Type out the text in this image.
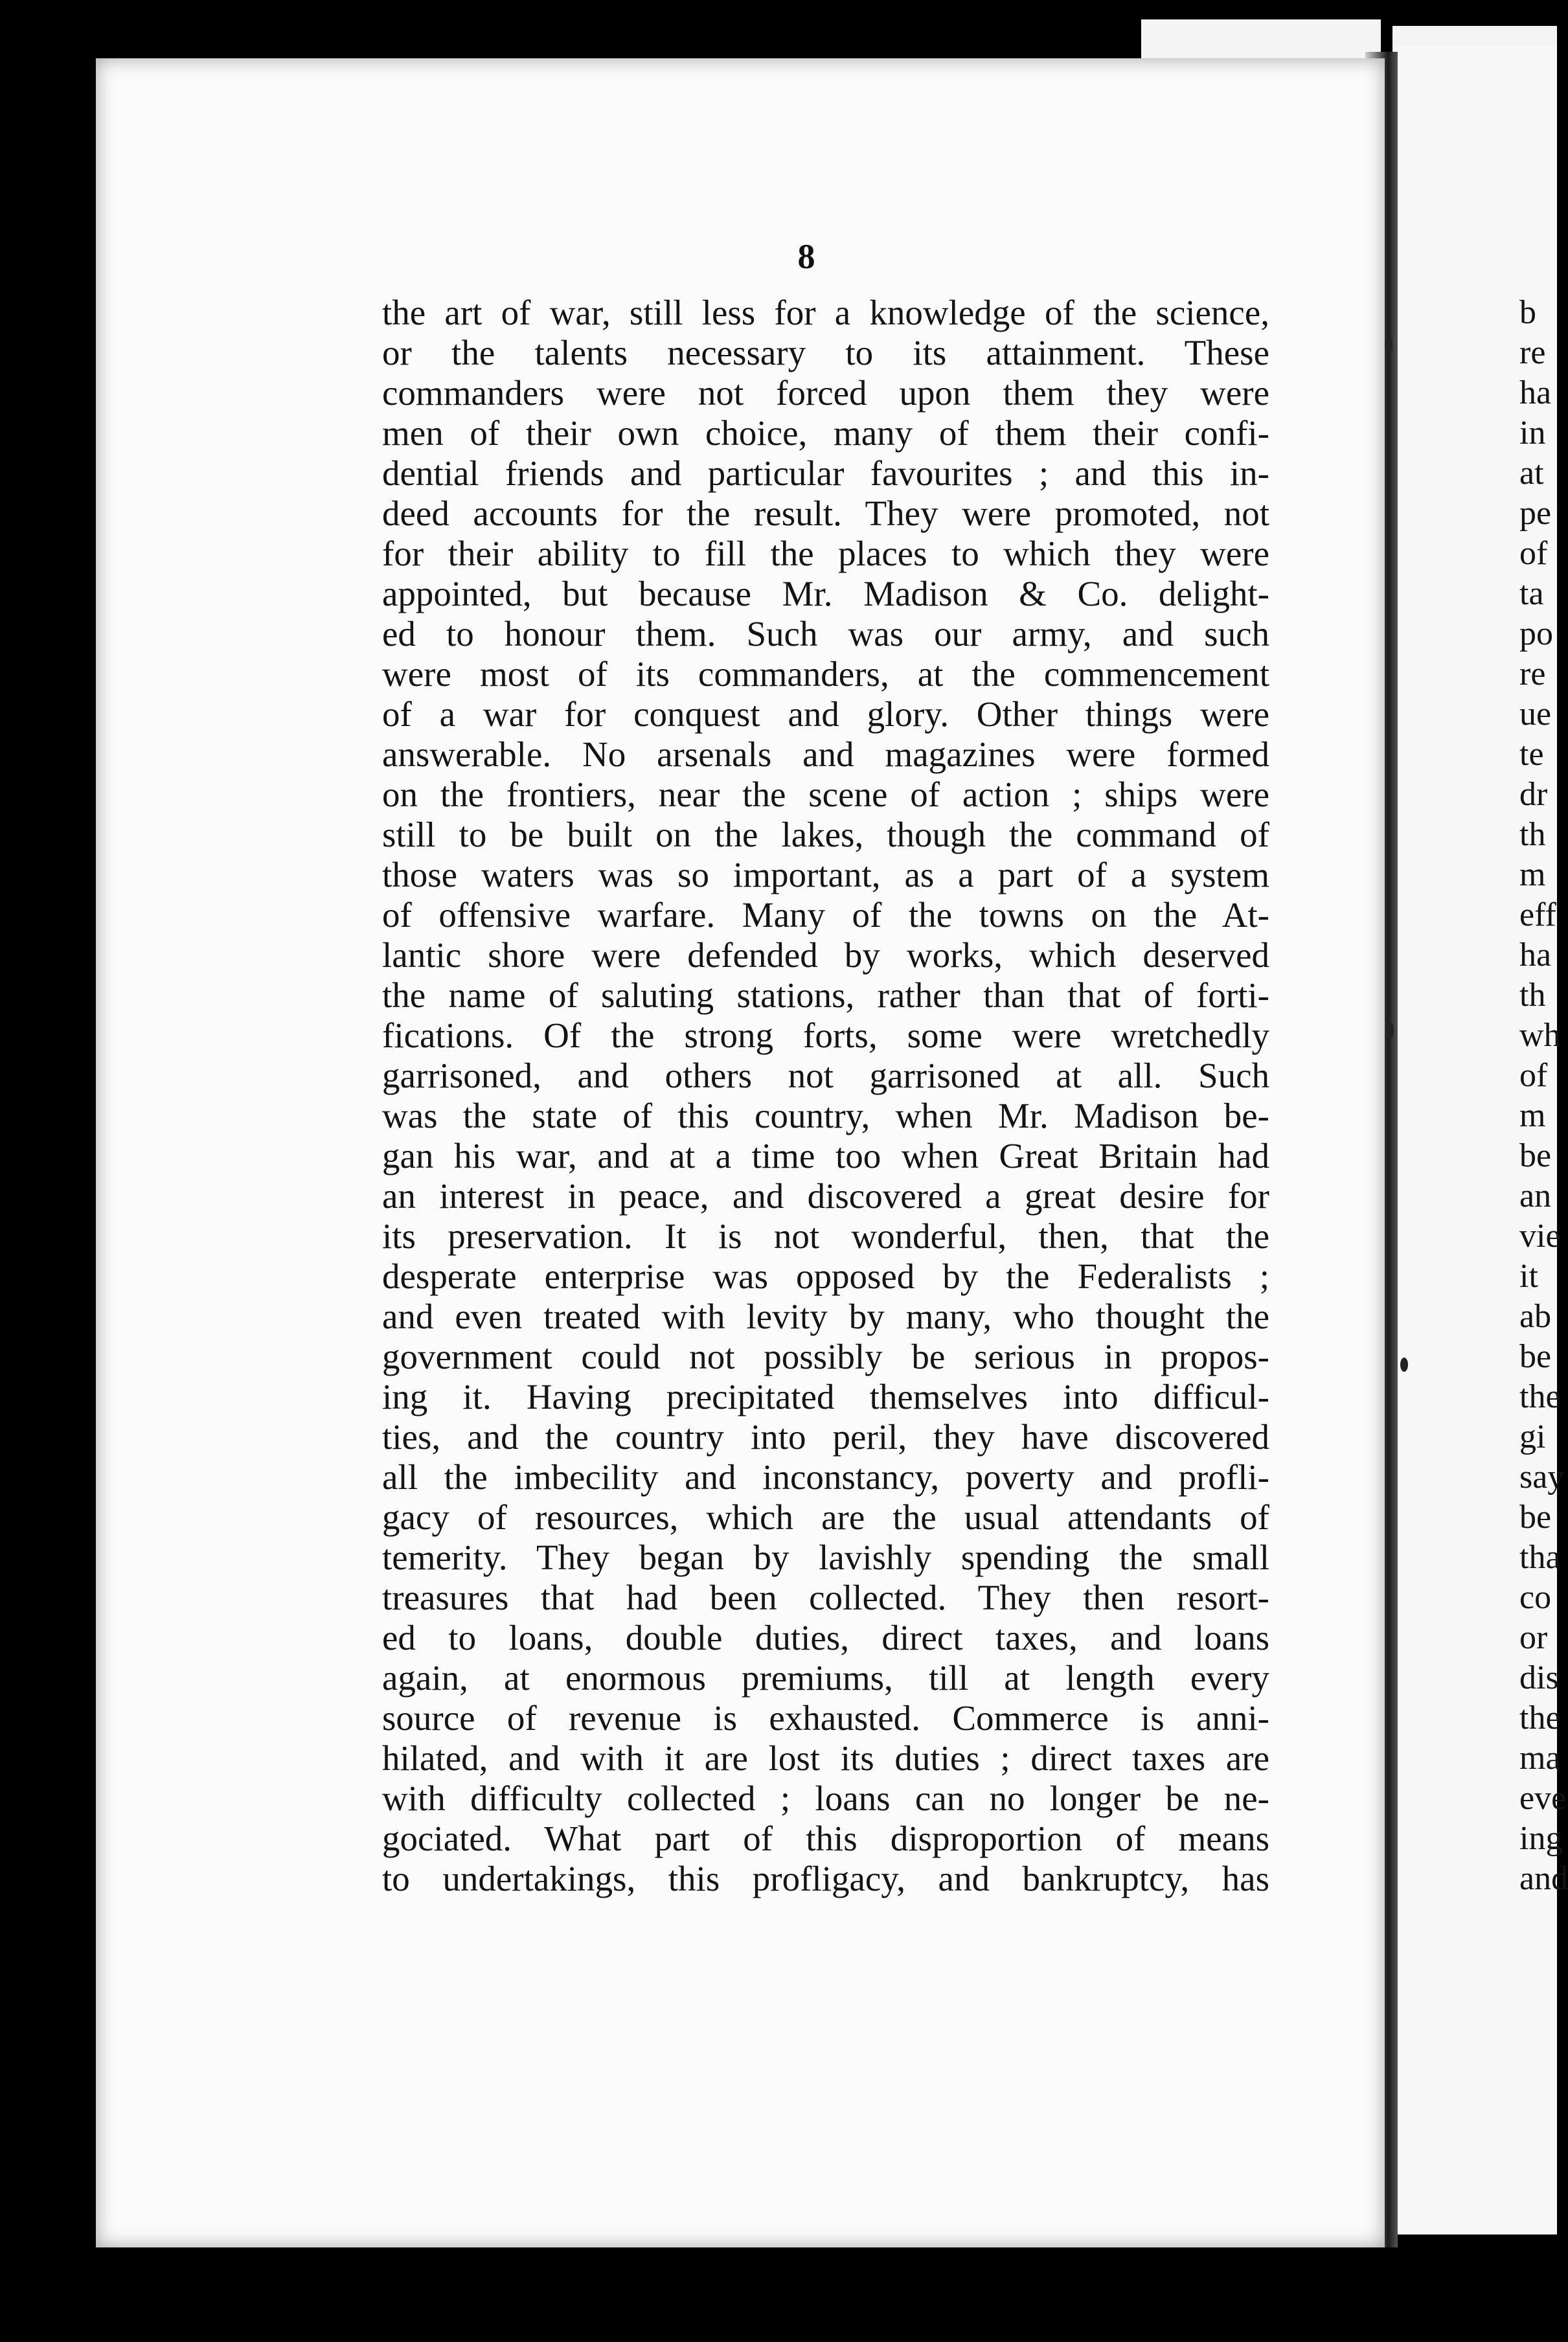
8
the art of war, still less for a knowledge of the science,
or the talents necessary to its attainment. These
commanders were not forced upon them they were
men of their own choice, many of them their confi-
dential friends and particular favourites ; and this in-
deed accounts for the result. They were promoted, not
for their ability to fill the places to which they were
appointed, but because Mr. Madison & Co. delight-
ed to honour them. Such was our army, and such
were most of its commanders, at the commencement
of a war for conquest and glory. Other things were
answerable. No arsenals and magazines were formed
on the frontiers, near the scene of action ; ships were
still to be built on the lakes, though the command of
those waters was so important, as a part of a system
of offensive warfare. Many of the towns on the At-
lantic shore were defended by works, which deserved
the name of saluting stations, rather than that of forti-
fications. Of the strong forts, some were wretchedly
garrisoned, and others not garrisoned at all. Such
was the state of this country, when Mr. Madison be-
gan his war, and at a time too when Great Britain had
an interest in peace, and discovered a great desire for
its preservation. It is not wonderful, then, that the
desperate enterprise was opposed by the Federalists ;
and even treated with levity by many, who thought the
government could not possibly be serious in propos-
ing it. Having precipitated themselves into difficul-
ties, and the country into peril, they have discovered
all the imbecility and inconstancy, poverty and profli-
gacy of resources, which are the usual attendants of
temerity. They began by lavishly spending the small
treasures that had been collected. They then resort-
ed to loans, double duties, direct taxes, and loans
again, at enormous premiums, till at length every
source of revenue is exhausted. Commerce is anni-
hilated, and with it are lost its duties ; direct taxes are
with difficulty collected ; loans can no longer be ne-
gociated. What part of this disproportion of means
to undertakings, this profligacy, and bankruptcy, has
b
re
ha
in
at
pe
of
ta
po
re
ue
te
dr
th
m
eff
ha
th
wh
of
m
be
an
vie
it
ab
be
the
gi
say
be
tha
co
or
dis
the
ma
eve
ing
and
